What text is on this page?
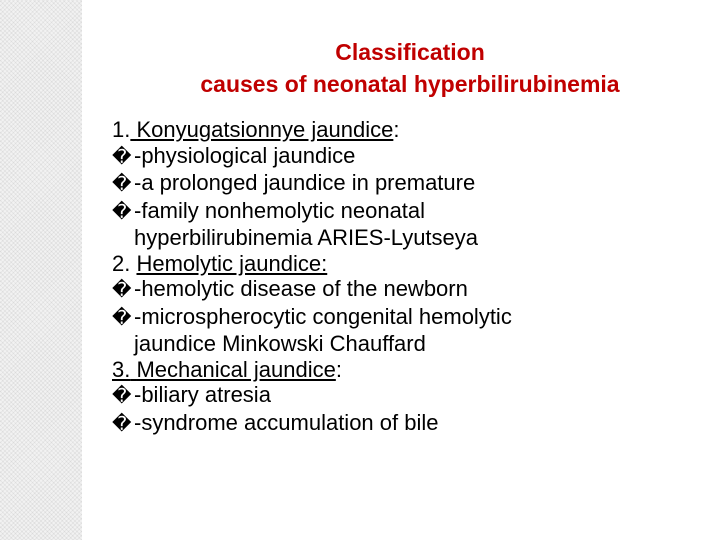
Classification
causes of neonatal hyperbilirubinemia
1. Konyugatsionnye jaundice:
� -physiological jaundice
� -a prolonged jaundice in premature
� -family nonhemolytic neonatal
hyperbilirubinemia ARIES-Lyutseya
2. Hemolytic jaundice:
� -hemolytic disease of the newborn
� -microspherocytic congenital hemolytic
jaundice Minkowski Chauffard
3. Mechanical jaundice:
� -biliary atresia
� -syndrome accumulation of bile
